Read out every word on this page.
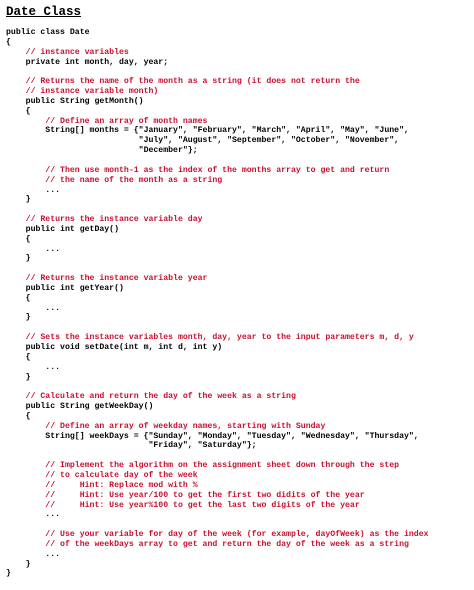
Date Class
public class Date
{
// instance variables
private int month, day, year;
// Returns the name of the month as a string (it does not return the
// instance variable month)
public String getMonth()
{
// Define an array of month names
String[] months = {"January", "February", "March", "April", "May", "June",
"July", "August", "September", "October", "November",
"December"};
// Then use month-1 as the index of the months array to get and return
// the name of the month as a string
...
}
// Returns the instance variable day
public int getDay()
{
...
}
// Returns the instance variable year
public int getYear()
{
...
}
// Sets the instance variables month, day, year to the input parameters m, d, y
public void setDate(int m, int d, int y)
{
...
}
// Calculate and return the day of the week as a string
public String getWeekDay()
{
// Define an array of weekday names, starting with Sunday
String[] weekDays = {"Sunday", "Monday", "Tuesday", "Wednesday", "Thursday",
"Friday", "Saturday"};
// Implement the algorithm on the assignment sheet down through the step
// to calculate day of the week
//     Hint: Replace mod with %
//     Hint: Use year/100 to get the first two didits of the year
//     Hint: Use year%100 to get the last two digits of the year
...
// Use your variable for day of the week (for example, dayOfWeek) as the index
// of the weekDays array to get and return the day of the week as a string
...
}
}
